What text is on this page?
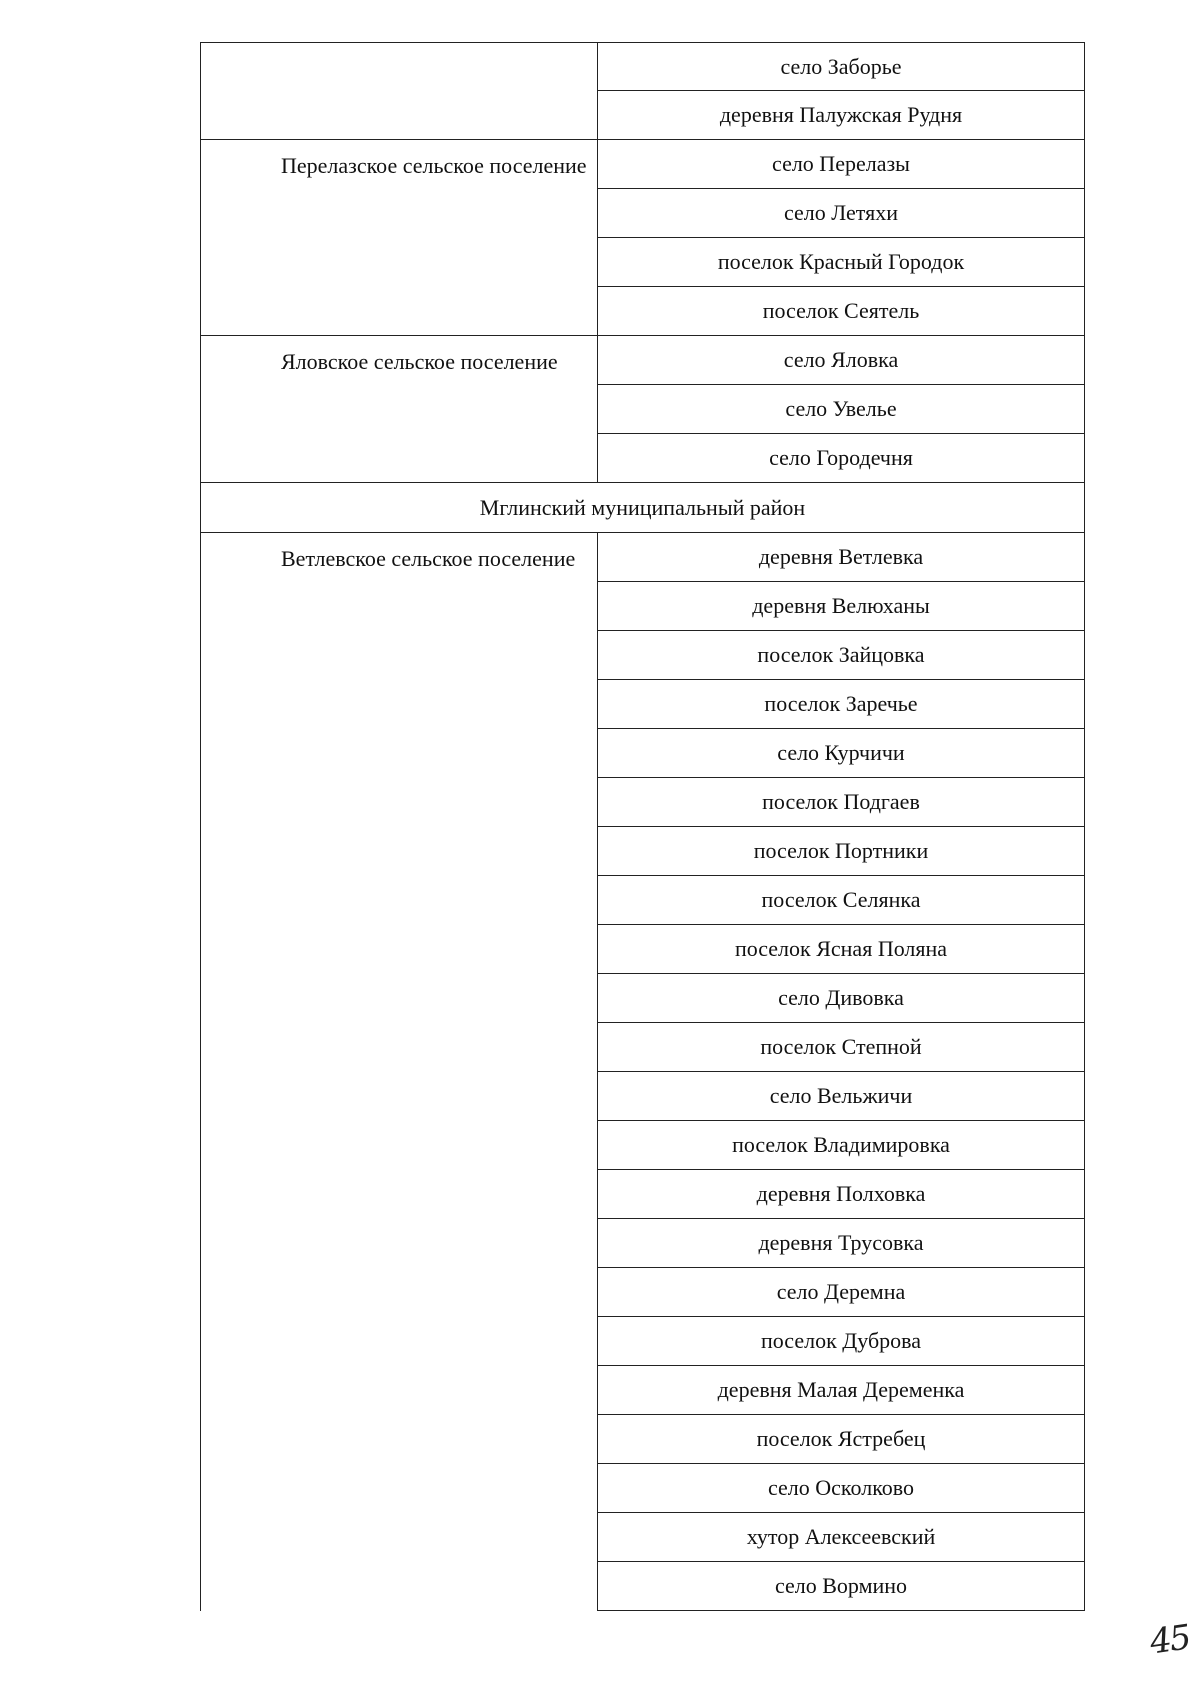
село Заборье
деревня Палужская Рудня
Перелазское сельское поселение	село Перелазы
село Летяхи
поселок Красный Городок
поселок Сеятель
Яловское сельское поселение	село Яловка
село Увелье
село Городечня
Мглинский муниципальный район
Ветлевское сельское поселение	деревня Ветлевка
деревня Велюханы
поселок Зайцовка
поселок Заречье
село Курчичи
поселок Подгаев
поселок Портники
поселок Селянка
поселок Ясная Поляна
село Дивовка
поселок Степной
село Вельжичи
поселок Владимировка
деревня Полховка
деревня Трусовка
село Деремна
поселок Дуброва
деревня Малая Деременка
поселок Ястребец
село Осколково
хутор Алексеевский
село Вормино
45
